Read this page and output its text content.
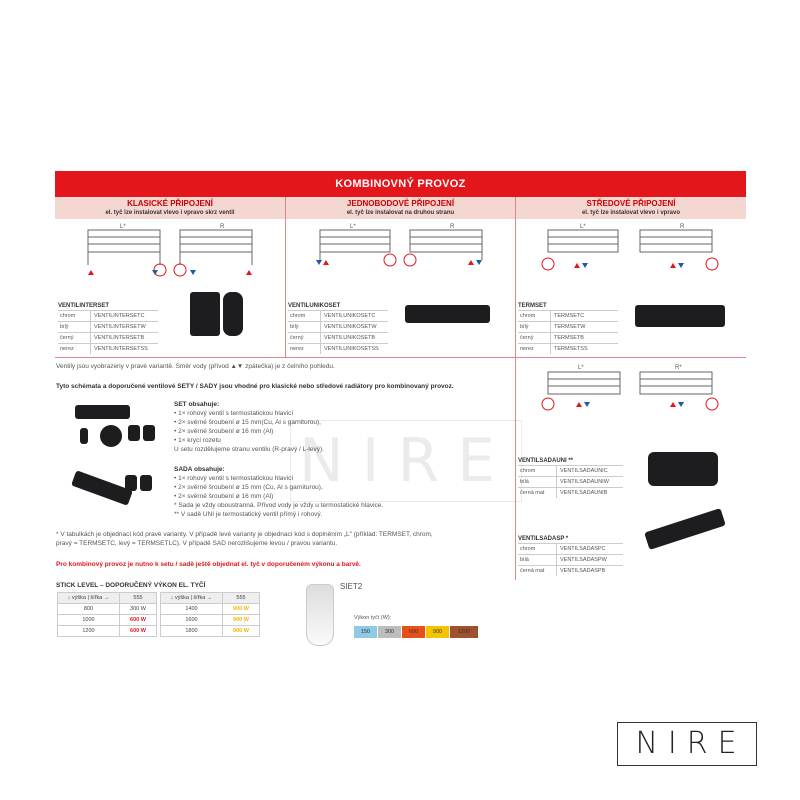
KOMBINOVNÝ PROVOZ
KLASICKÉ PŘIPOJENÍ
el. tyč lze instalovat vlevo i vpravo skrz ventil
JEDNOBODOVÉ PŘIPOJENÍ
el. tyč lze instalovat na druhou stranu
STŘEDOVÉ PŘIPOJENÍ
el. tyč lze instalovat vlevo i vpravo
L*	R	L*	R	L*	R
VENTILINTERSET
chrom	VENTILINTERSETC
bílý	VENTILINTERSETW
černý	VENTILINTERSETB
nerez	VENTILINTERSETSS
VENTILUNIKOSET
chrom	VENTILUNIKOSETC
bílý	VENTILUNIKOSETW
černý	VENTILUNIKOSETB
nerez	VENTILUNIKOSETSS
TERMSET
chrom	TERMSETC
bílý	TERMSETW
černý	TERMSETB
nerez	TERMSETSS
L*	R*
VENTILSADAUNI **
chrom	VENTILSADAUNIC
bílá	VENTILSADAUNIW
černá mat	VENTILSADAUNIB
VENTILSADASP *
chrom	VENTILSADASPC
bílá	VENTILSADASPW
černá mat	VENTILSADASPB
Ventily jsou vyobrazeny v pravé variantě. Směr vody (přívod ▲▼ zpátečka) je z čelního pohledu.
Tyto schémata a doporučené ventilové SETY / SADY jsou vhodné pro klasické nebo středové radiátory pro kombinovaný provoz.
SET obsahuje:
• 1× rohový ventil s termostatickou hlavicí
• 2× svěrné šroubení ø 15 mm(Cu, Al s garniturou),
• 2× svěrné šroubení ø 16 mm (Al)
• 1× krycí rozetu
U setu rozdělujeme stranu ventilu (R-pravý / L-levý).
SADA obsahuje:
• 1× rohový ventil s termostatickou hlavicí
• 2× svěrné šroubení ø 15 mm (Cu, Al s garniturou),
• 2× svěrné šroubení ø 16 mm (Al)
* Sada je vždy oboustranná. Přívod vody je vždy u termostatické hlavice.
** V sadě UNI je termostatický ventil přímý i rohový.
* V tabulkách je objednací kód pravé varianty. V případě levé varianty je objednací kód s doplněním „L" (příklad: TERMSET, chrom,
pravý = TERMSETC, levý = TERMSETLC). V případě SAD nerozlišujeme levou / pravou variantu.
Pro kombinový provoz je nutno k setu / sadě ještě objednat el. tyč v doporučeném výkonu a barvě.
STICK LEVEL – DOPORUČENÝ VÝKON EL. TYČÍ
↓ výška | šířka →	555
800	300 W
1000	600 W
1200	600 W
↓ výška | šířka →	555
1400	900 W
1600	900 W
1800	900 W
SIET2
Výkon tyčí (W):
150	300	600	900	1200
NIRE
NIRE
